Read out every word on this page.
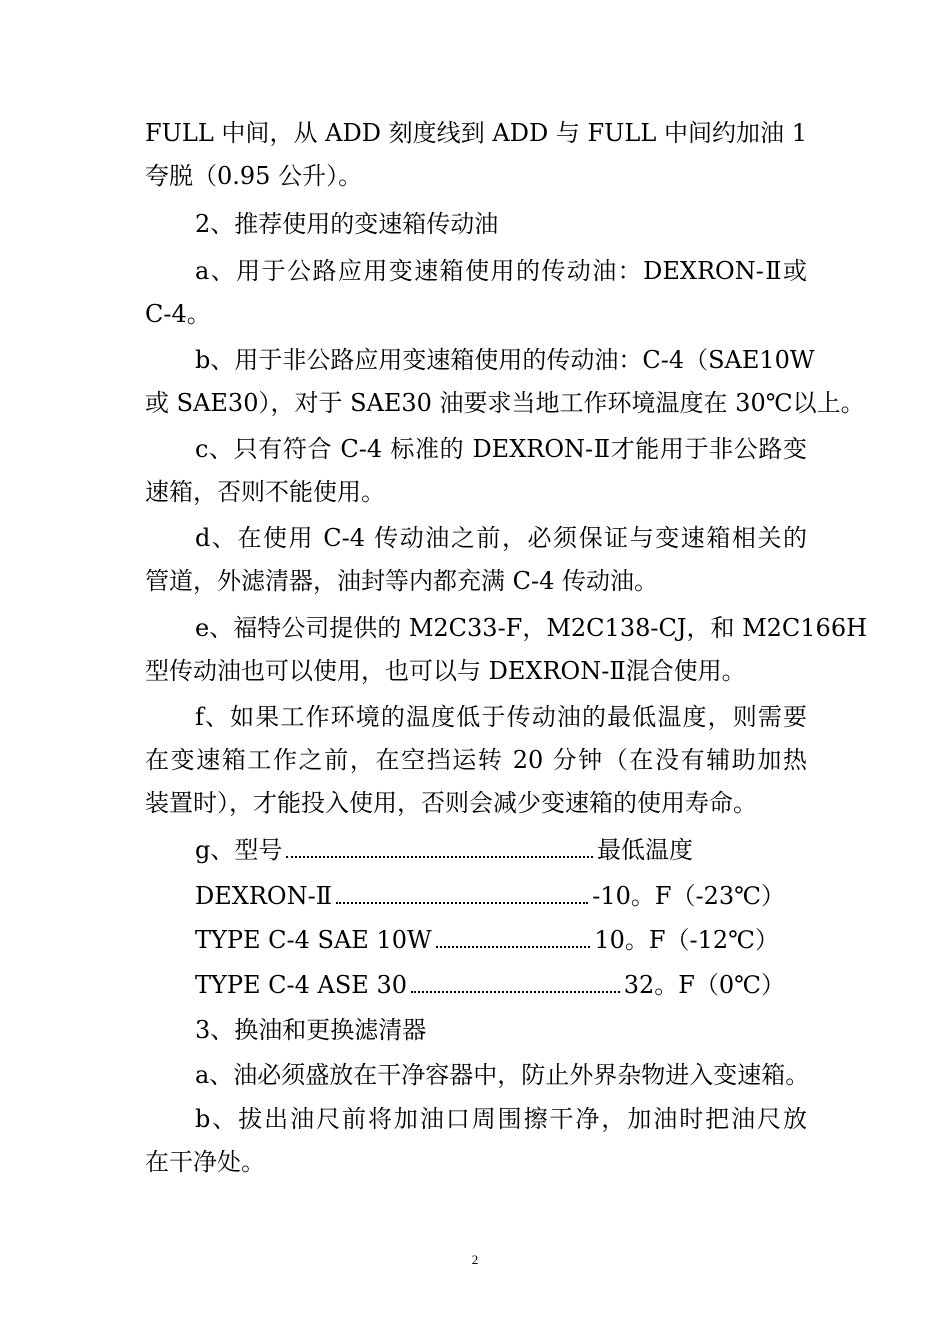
FULL 中间，从 ADD 刻度线到 ADD 与 FULL 中间约加油 1
夸脱（0.95 公升）。
2、推荐使用的变速箱传动油
a、用于公路应用变速箱使用的传动油：DEXRON-Ⅱ或
C-4。
b、用于非公路应用变速箱使用的传动油：C-4（SAE10W
或 SAE30），对于 SAE30 油要求当地工作环境温度在 30℃以上。
c、只有符合 C-4 标准的 DEXRON-Ⅱ才能用于非公路变
速箱，否则不能使用。
d、在使用 C-4 传动油之前，必须保证与变速箱相关的
管道，外滤清器，油封等内都充满 C-4 传动油。
e、福特公司提供的 M2C33-F，M2C138-CJ，和 M2C166H
型传动油也可以使用，也可以与 DEXRON-Ⅱ混合使用。
f、如果工作环境的温度低于传动油的最低温度，则需要
在变速箱工作之前，在空挡运转 20 分钟（在没有辅助加热
装置时），才能投入使用，否则会减少变速箱的使用寿命。
g、型号	最低温度
DEXRON-Ⅱ	-10。F（-23℃）
TYPE C-4 SAE 10W	10。F（-12℃）
TYPE C-4 ASE 30	32。F（0℃）
3、换油和更换滤清器
a、油必须盛放在干净容器中，防止外界杂物进入变速箱。
b、拔出油尺前将加油口周围擦干净，加油时把油尺放
在干净处。
2
